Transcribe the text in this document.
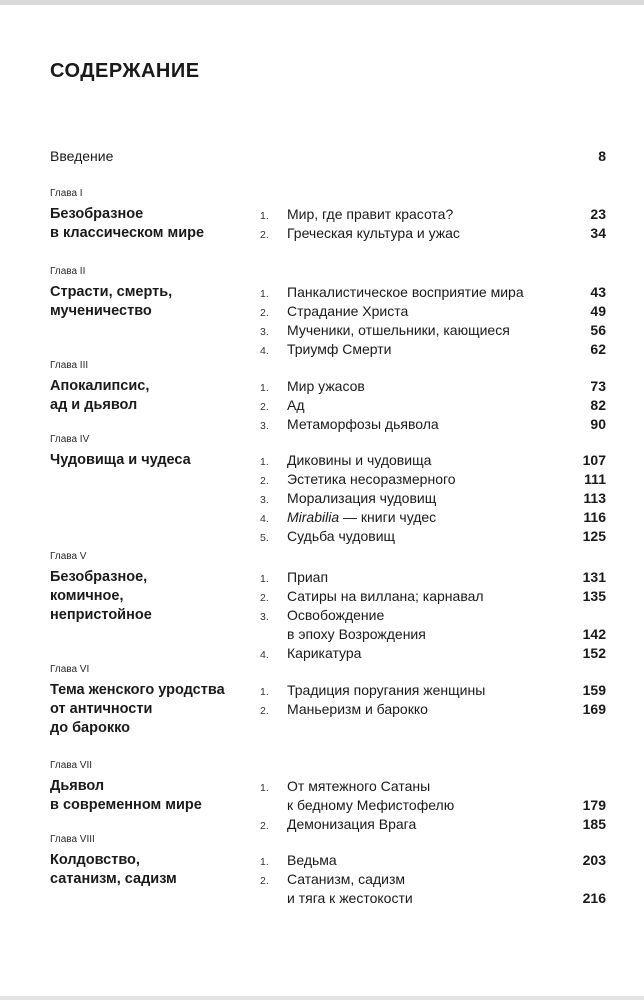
СОДЕРЖАНИЕ
Введение	8
Глава I
Безобразное
в классическом мире
1. Мир, где правит красота?	23
2. Греческая культура и ужас	34
Глава II
Страсти, смерть,
мученичество
1. Панкалистическое восприятие мира	43
2. Страдание Христа	49
3. Мученики, отшельники, кающиеся	56
4. Триумф Смерти	62
Глава III
Апокалипсис,
ад и дьявол
1. Мир ужасов	73
2. Ад	82
3. Метаморфозы дьявола	90
Глава IV
Чудовища и чудеса	1. Диковины и чудовища	107
2. Эстетика несоразмерного	111
3. Морализация чудовищ	113
4. Mirabilia — книги чудес	116
5. Судьба чудовищ	125
Глава V
Безобразное,
комичное,
непристойное
1. Приап	131
2. Сатиры на виллана; карнавал	135
3. Освобождение
в эпоху Возрождения	142
4. Карикатура	152
Глава VI
Тема женского уродства
от античности
до барокко
1. Традиция поругания женщины	159
2. Маньеризм и барокко	169
Глава VII
Дьявол
в современном мире
1. От мятежного Сатаны
к бедному Мефистофелю	179
2. Демонизация Врага	185
Глава VIII
Колдовство,
сатанизм, садизм
1. Ведьма	203
2. Сатанизм, садизм
и тяга к жестокости	216
